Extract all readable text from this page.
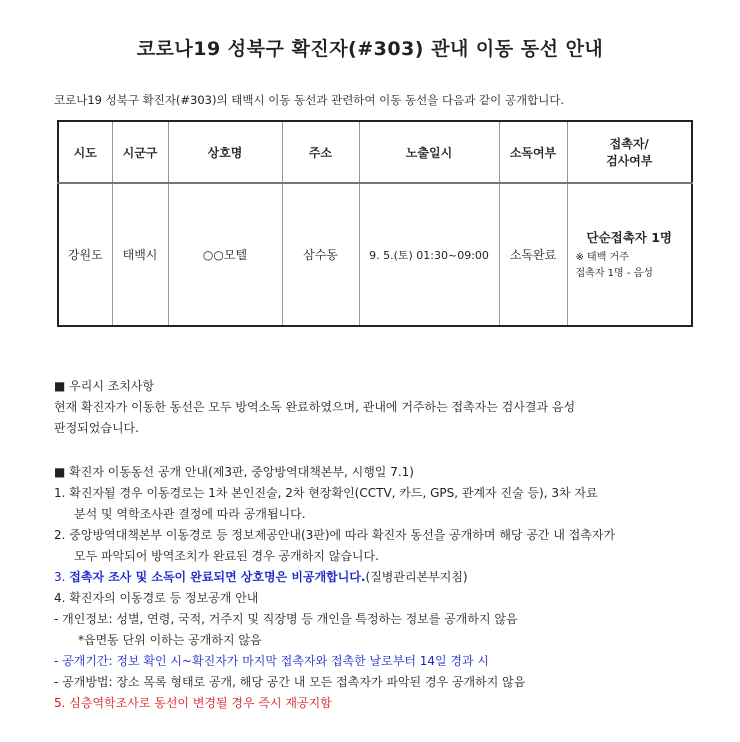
코로나19 성북구 확진자(#303) 관내 이동 동선 안내
코로나19 성북구 확진자(#303)의 태백시 이동 동선과 관련하여 이동 동선을 다음과 같이 공개합니다.
시도	시군구	상호명	주소	노출일시	소독여부	접촉자/
검사여부
강원도	태백시	○○모텔	삼수동	9. 5.(토) 01:30~09:00	소독완료	단순접촉자 1명
※ 태백 거주
접촉자 1명 - 음성
■ 우리시 조치사항
현재 확진자가 이동한 동선은 모두 방역소독 완료하였으며, 관내에 거주하는 접촉자는 검사결과 음성
판정되었습니다.
■ 확진자 이동동선 공개 안내(제3판, 중앙방역대책본부, 시행일 7.1)
1. 확진자될 경우 이동경로는 1차 본인진술, 2차 현장확인(CCTV, 카드, GPS, 관계자 진술 등), 3차 자료
분석 및 역학조사관 결정에 따라 공개됩니다.
2. 중앙방역대책본부 이동경로 등 정보제공안내(3판)에 따라 확진자 동선을 공개하며 해당 공간 내 접촉자가
모두 파악되어 방역조치가 완료된 경우 공개하지 않습니다.
3. 접촉자 조사 및 소독이 완료되면 상호명은 비공개합니다.(질병관리본부지침)
4. 확진자의 이동경로 등 정보공개 안내
- 개인정보: 성별, 연령, 국적, 거주지 및 직장명 등 개인을 특정하는 정보를 공개하지 않음
*읍면동 단위 이하는 공개하지 않음
- 공개기간: 정보 확인 시~확진자가 마지막 접촉자와 접촉한 날로부터 14일 경과 시
- 공개방법: 장소 목록 형태로 공개, 해당 공간 내 모든 접촉자가 파악된 경우 공개하지 않음
5. 심층역학조사로 동선이 변경될 경우 즉시 재공지함
